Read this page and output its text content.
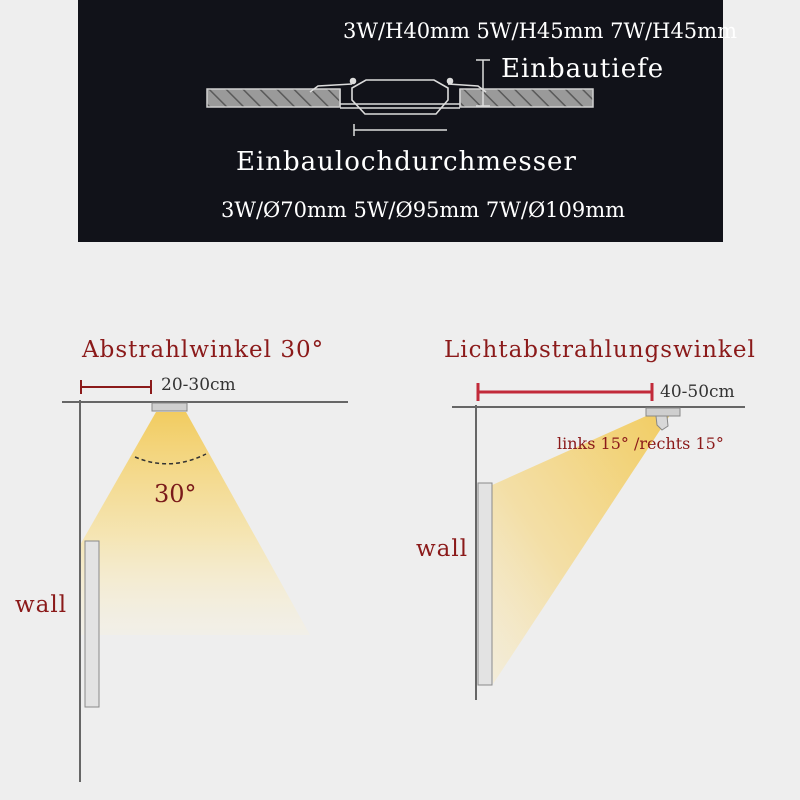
3W/H40mm 5W/H45mm 7W/H45mm
Einbautiefe
Einbaulochdurchmesser
3W/Ø70mm 5W/Ø95mm 7W/Ø109mm
Abstrahlwinkel 30°
20-30cm
30°
wall
Lichtabstrahlungswinkel
40-50cm
links 15° /rechts 15°
wall
